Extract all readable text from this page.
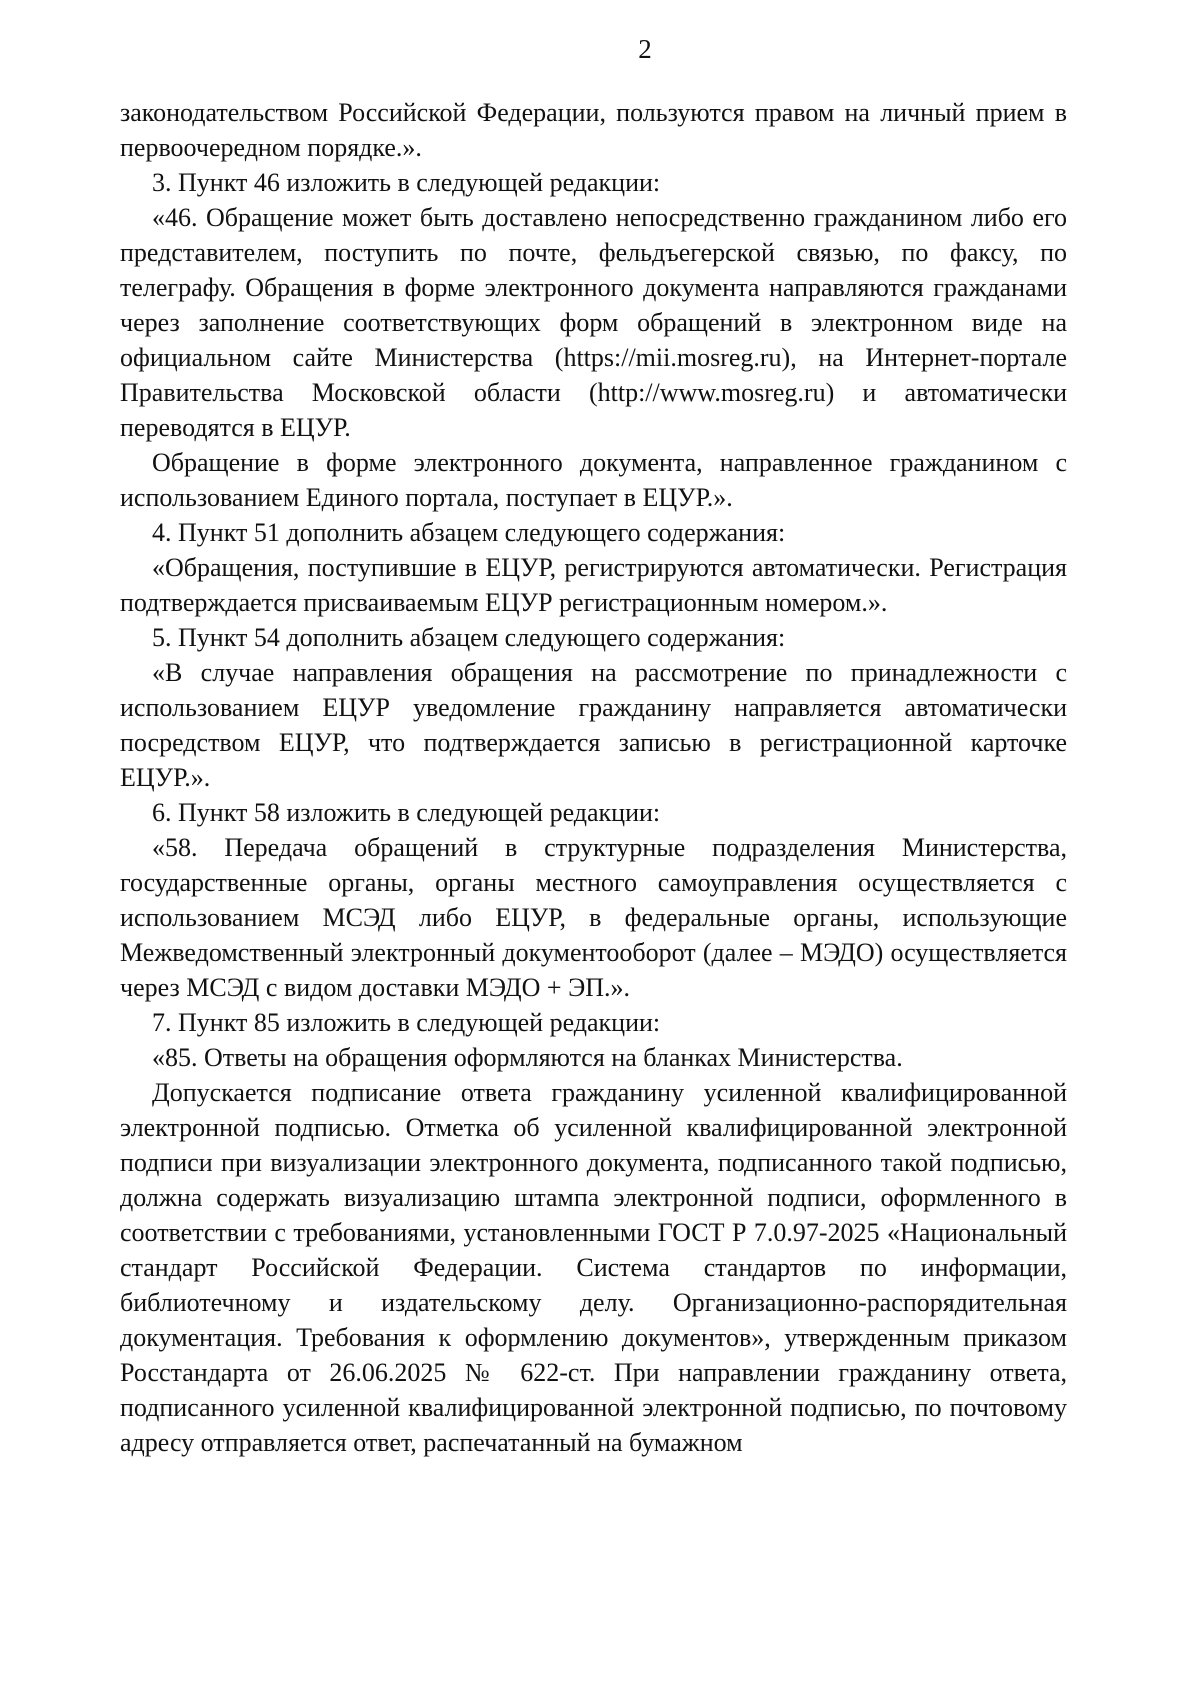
2

законодательством Российской Федерации, пользуются правом на личный прием в первоочередном порядке.».

3. Пункт 46 изложить в следующей редакции:

«46. Обращение может быть доставлено непосредственно гражданином либо его представителем, поступить по почте, фельдъегерской связью, по факсу, по телеграфу. Обращения в форме электронного документа направляются гражданами через заполнение соответствующих форм обращений в электронном виде на официальном сайте Министерства (https://mii.mosreg.ru), на Интернет-портале Правительства Московской области (http://www.mosreg.ru) и автоматически переводятся в ЕЦУР.

Обращение в форме электронного документа, направленное гражданином с использованием Единого портала, поступает в ЕЦУР.».

4. Пункт 51 дополнить абзацем следующего содержания:

«Обращения, поступившие в ЕЦУР, регистрируются автоматически. Регистрация подтверждается присваиваемым ЕЦУР регистрационным номером.».

5. Пункт 54 дополнить абзацем следующего содержания:

«В случае направления обращения на рассмотрение по принадлежности с использованием ЕЦУР уведомление гражданину направляется автоматически посредством ЕЦУР, что подтверждается записью в регистрационной карточке ЕЦУР.».

6. Пункт 58 изложить в следующей редакции:

«58. Передача обращений в структурные подразделения Министерства, государственные органы, органы местного самоуправления осуществляется с использованием МСЭД либо ЕЦУР, в федеральные органы, использующие Межведомственный электронный документооборот (далее – МЭДО) осуществляется через МСЭД с видом доставки МЭДО + ЭП.».

7. Пункт 85 изложить в следующей редакции:

«85. Ответы на обращения оформляются на бланках Министерства.

Допускается подписание ответа гражданину усиленной квалифицированной электронной подписью. Отметка об усиленной квалифицированной электронной подписи при визуализации электронного документа, подписанного такой подписью, должна содержать визуализацию штампа электронной подписи, оформленного в соответствии с требованиями, установленными ГОСТ Р 7.0.97-2025 «Национальный стандарт Российской Федерации. Система стандартов по информации, библиотечному и издательскому делу. Организационно-распорядительная документация. Требования к оформлению документов», утвержденным приказом Росстандарта от 26.06.2025 № 622-ст. При направлении гражданину ответа, подписанного усиленной квалифицированной электронной подписью, по почтовому адресу отправляется ответ, распечатанный на бумажном
